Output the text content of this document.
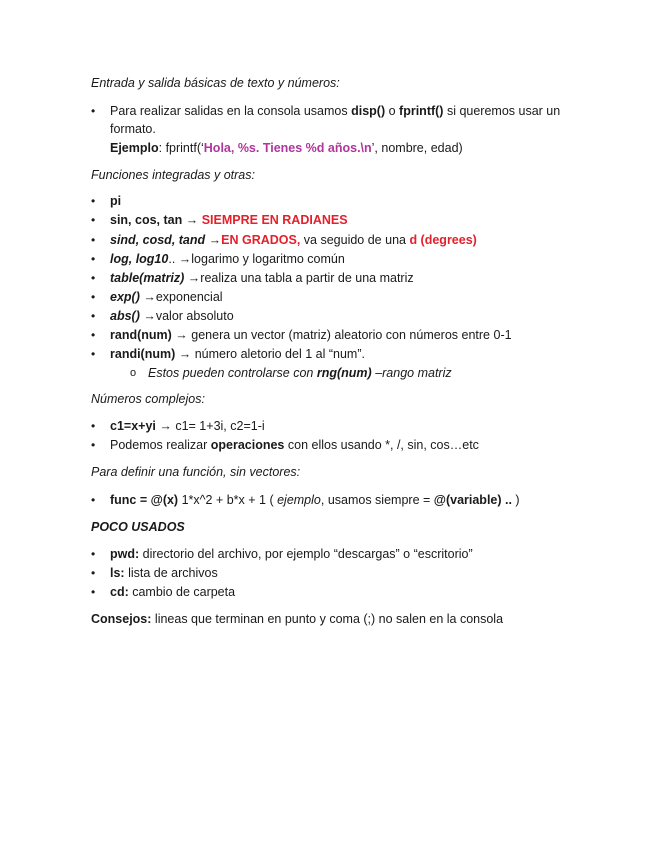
Entrada y salida básicas de texto y números:
•	Para realizar salidas en la consola usamos disp() o fprintf() si queremos usar un
formato.
Ejemplo: fprintf(‘Hola, %s. Tienes %d años.\n’, nombre, edad)
Funciones integradas y otras:
•	pi
•	sin, cos, tan → SIEMPRE EN RADIANES
•	sind, cosd, tand →EN GRADOS, va seguido de una d (degrees)
•	log, log10.. →logarimo y logaritmo común
•	table(matriz) →realiza una tabla a partir de una matriz
•	exp() →exponencial
•	abs() →valor absoluto
•	rand(num) → genera un vector (matriz) aleatorio con números entre 0-1
•	randi(num) → número aletorio del 1 al “num”.
o Estos pueden controlarse con rng(num) –rango matriz
Números complejos:
•	c1=x+yi → c1= 1+3i, c2=1-i
•	Podemos realizar operaciones con ellos usando *, /, sin, cos…etc
Para definir una función, sin vectores:
•	func = @(x) 1*x^2 + b*x + 1 ( ejemplo, usamos siempre = @(variable) .. )
POCO USADOS
•	pwd: directorio del archivo, por ejemplo “descargas” o “escritorio”
•	ls: lista de archivos
•	cd: cambio de carpeta
Consejos: lineas que terminan en punto y coma (;) no salen en la consola
